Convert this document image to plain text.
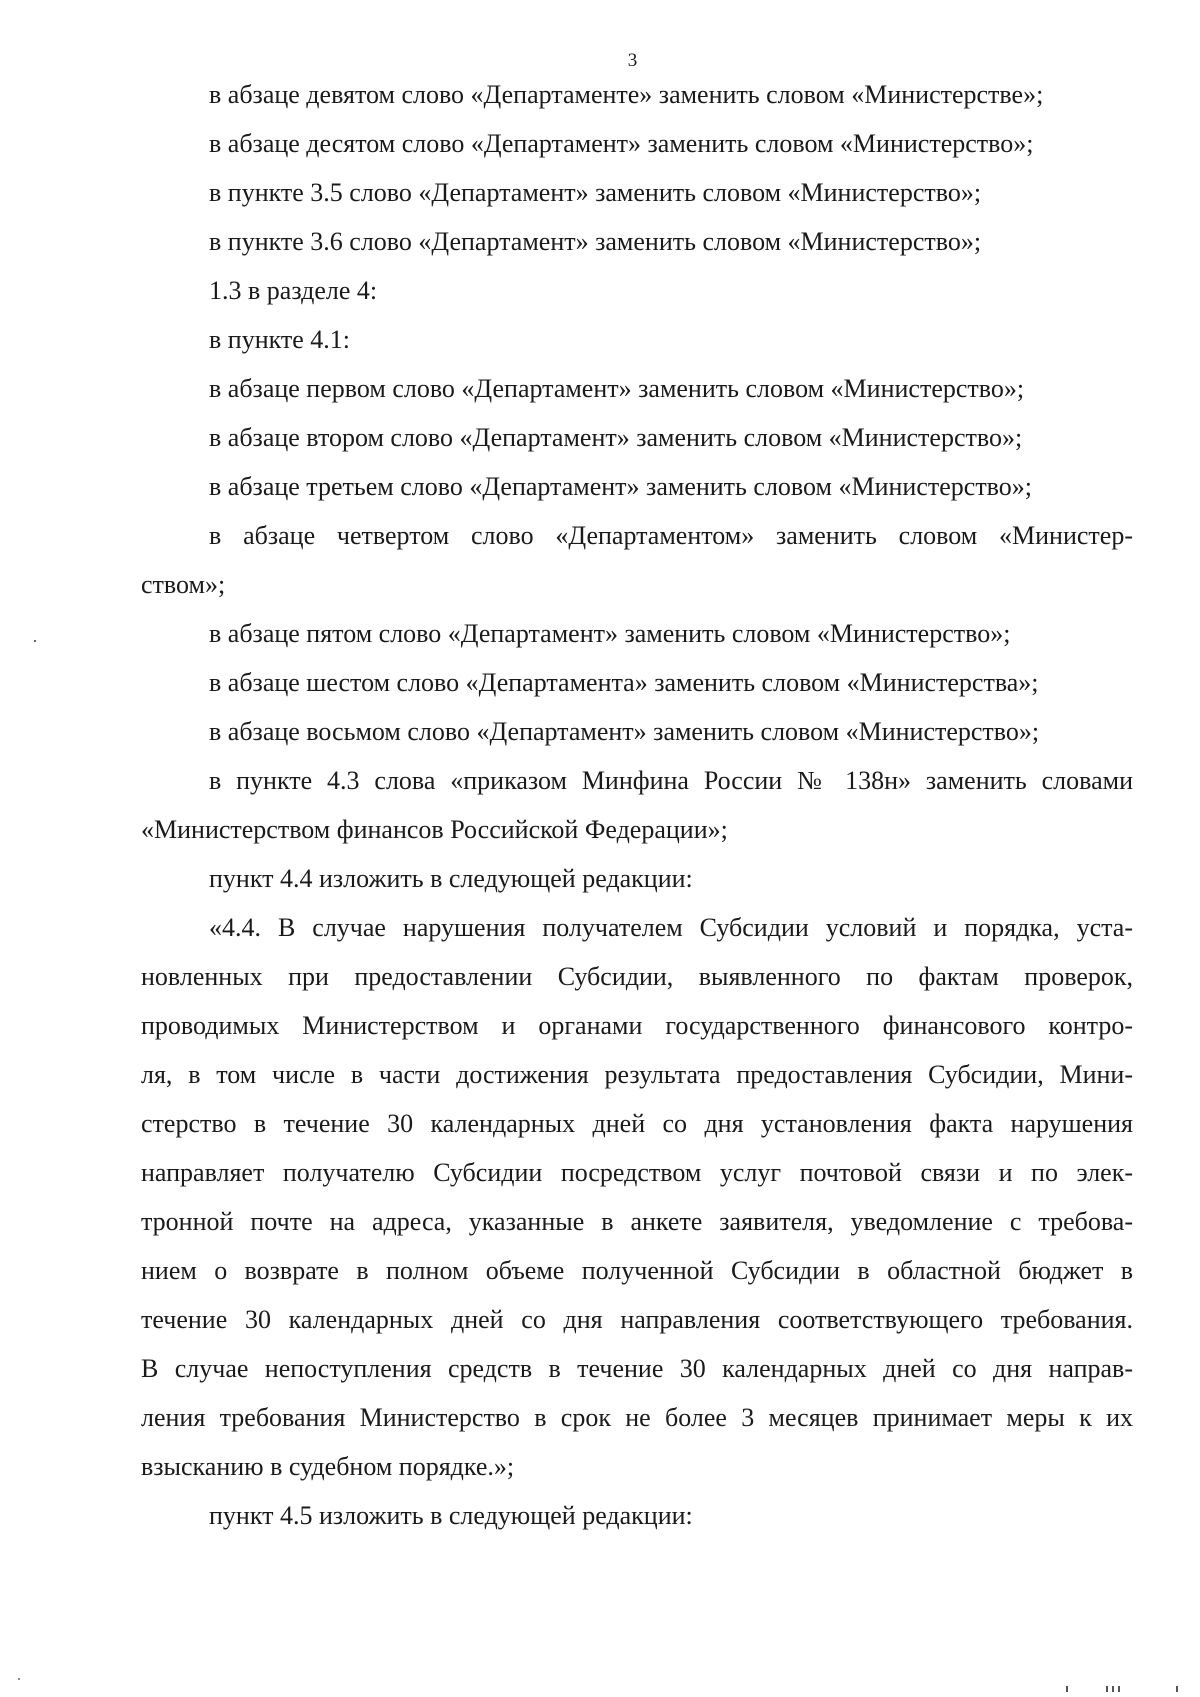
3
в абзаце девятом слово «Департаменте» заменить словом «Министерстве»;
в абзаце десятом слово «Департамент» заменить словом «Министерство»;
в пункте 3.5 слово «Департамент» заменить словом «Министерство»;
в пункте 3.6 слово «Департамент» заменить словом «Министерство»;
1.3 в разделе 4:
в пункте 4.1:
в абзаце первом слово «Департамент» заменить словом «Министерство»;
в абзаце втором слово «Департамент» заменить словом «Министерство»;
в абзаце третьем слово «Департамент» заменить словом «Министерство»;
в абзаце четвертом слово «Департаментом» заменить словом «Министер-
ством»;
в абзаце пятом слово «Департамент» заменить словом «Министерство»;
в абзаце шестом слово «Департамента» заменить словом «Министерства»;
в абзаце восьмом слово «Департамент» заменить словом «Министерство»;
в пункте 4.3 слова «приказом Минфина России № 138н» заменить словами
«Министерством финансов Российской Федерации»;
пункт 4.4 изложить в следующей редакции:
«4.4. В случае нарушения получателем Субсидии условий и порядка, уста-
новленных при предоставлении Субсидии, выявленного по фактам проверок,
проводимых Министерством и органами государственного финансового контро-
ля, в том числе в части достижения результата предоставления Субсидии, Мини-
стерство в течение 30 календарных дней со дня установления факта нарушения
направляет получателю Субсидии посредством услуг почтовой связи и по элек-
тронной почте на адреса, указанные в анкете заявителя, уведомление с требова-
нием о возврате в полном объеме полученной Субсидии в областной бюджет в
течение 30 календарных дней со дня направления соответствующего требования.
В случае непоступления средств в течение 30 календарных дней со дня направ-
ления требования Министерство в срок не более 3 месяцев принимает меры к их
взысканию в судебном порядке.»;
пункт 4.5 изложить в следующей редакции:
